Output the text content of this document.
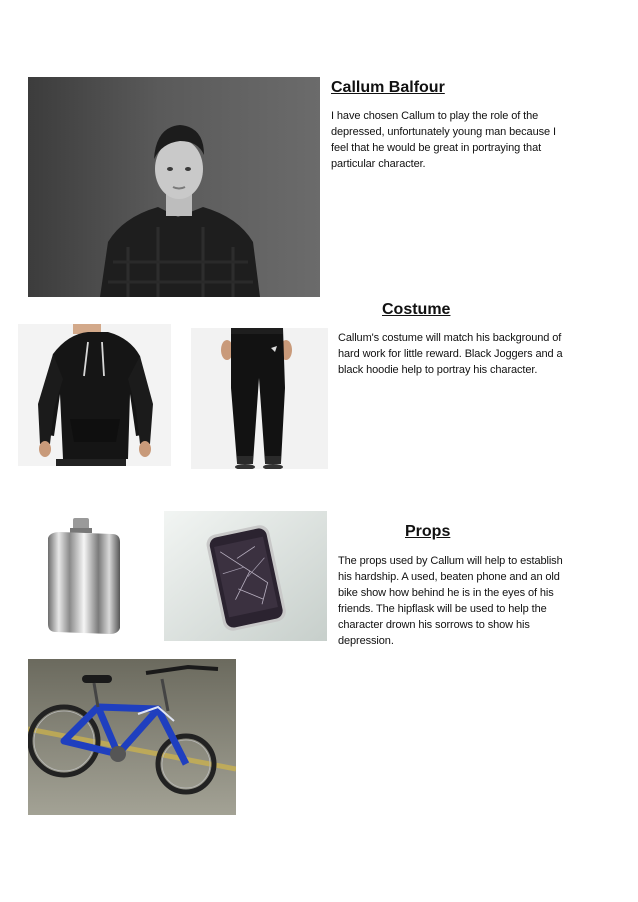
Callum Balfour

I have chosen Callum to play the role of the depressed, unfortunately young man because I feel that he would be great in portraying that particular character.

Costume

Callum's costume will match his background of hard work for little reward. Black Joggers and a black hoodie help to portray his character.

Props

The props used by Callum will help to establish his hardship. A used, beaten phone and an old bike show how behind he is in the eyes of his friends. The hipflask will be used to help the character drown his sorrows to show his depression.
